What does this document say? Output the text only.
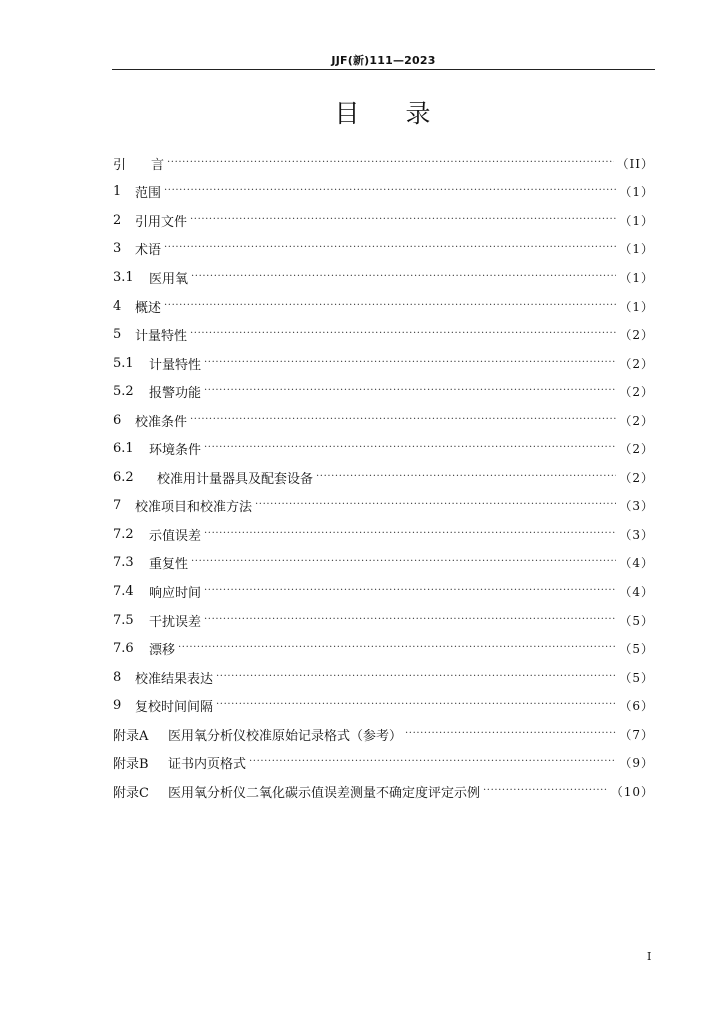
JJF(新)111—2023
目 录
引	言 .....	（II）
1	范围 .....	（1）
2	引用文件 .....	（1）
3	术语 .....	（1）
3.1	医用氧 .....	（1）
4	概述 .....	（1）
5	计量特性 .....	（2）
5.1	计量特性 .....	（2）
5.2	报警功能 .....	（2）
6	校准条件 .....	（2）
6.1	环境条件 .....	（2）
6.2	校准用计量器具及配套设备 .....	（2）
7	校准项目和校准方法 .....	（3）
7.2	示值误差 .....	（3）
7.3	重复性 .....	（4）
7.4	响应时间 .....	（4）
7.5	干扰误差 .....	（5）
7.6	漂移 .....	（5）
8	校准结果表达 .....	（5）
9	复校时间间隔 .....	（6）
附录A	医用氧分析仪校准原始记录格式（参考） .....	（7）
附录B	证书内页格式 .....	（9）
附录C	医用氧分析仪二氧化碳示值误差测量不确定度评定示例 .....	（10）
I
